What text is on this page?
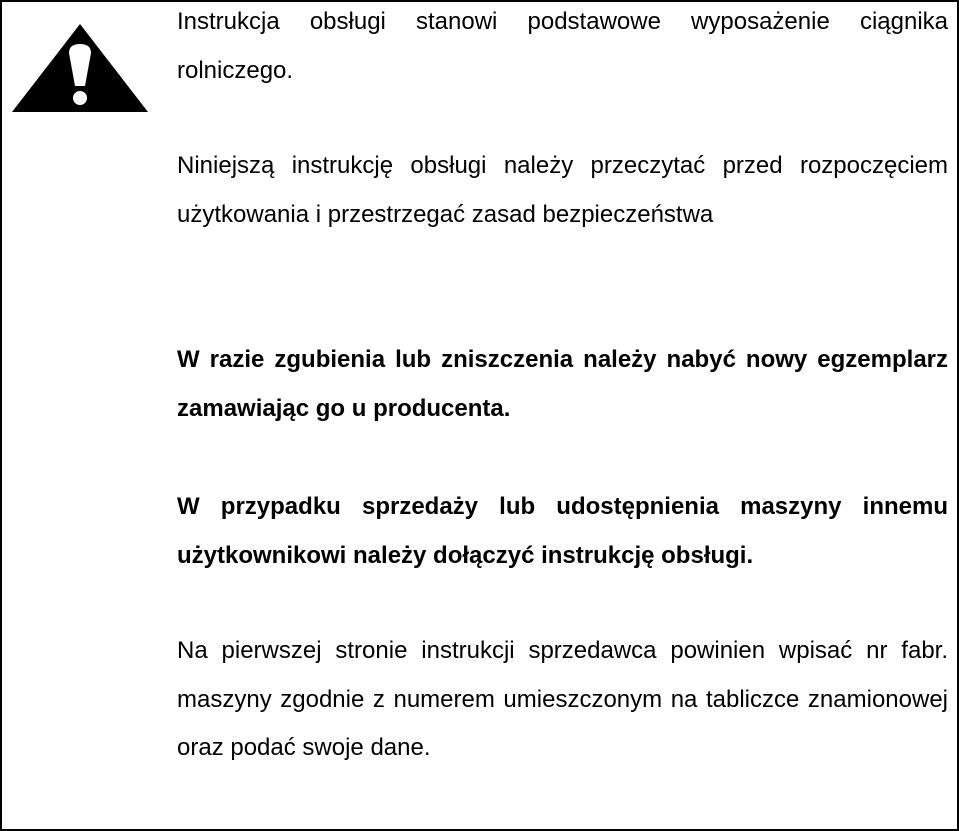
Instrukcja obsługi stanowi podstawowe wyposażenie ciągnika rolniczego.

Niniejszą instrukcję obsługi należy przeczytać przed rozpoczęciem użytkowania i przestrzegać zasad bezpieczeństwa

W razie zgubienia lub zniszczenia należy nabyć nowy egzemplarz zamawiając go u producenta.

W przypadku sprzedaży lub udostępnienia maszyny innemu użytkownikowi należy dołączyć instrukcję obsługi.

Na pierwszej stronie instrukcji sprzedawca powinien wpisać nr fabr. maszyny zgodnie z numerem umieszczonym na tabliczce znamionowej oraz podać swoje dane.
